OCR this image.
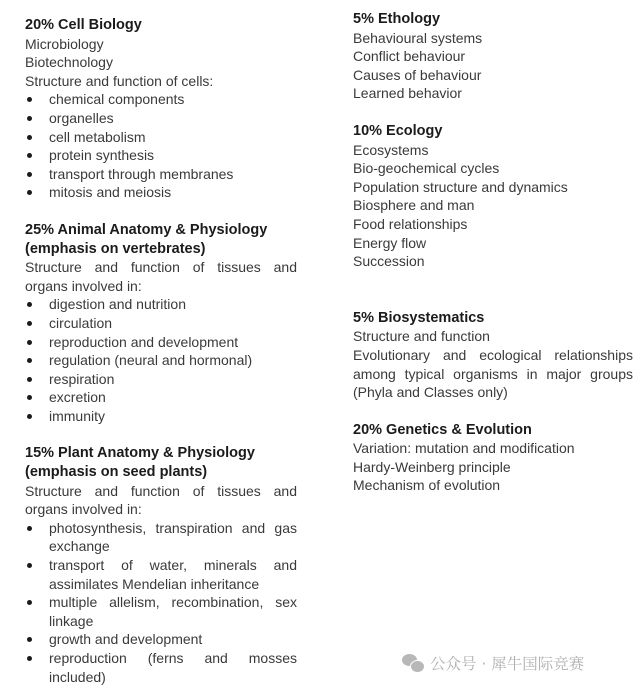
20% Cell Biology

Microbiology

Biotechnology

Structure and function of cells:

chemical components
organelles
cell metabolism
protein synthesis
transport through membranes
mitosis and meiosis

25% Animal Anatomy & Physiology (emphasis on vertebrates)

Structure and function of tissues and organs involved in:

digestion and nutrition
circulation
reproduction and development
regulation (neural and hormonal)
respiration
excretion
immunity

15% Plant Anatomy & Physiology (emphasis on seed plants)

Structure and function of tissues and organs involved in:

photosynthesis, transpiration and gas exchange
transport of water, minerals and assimilates Mendelian inheritance
multiple allelism, recombination, sex linkage
growth and development
reproduction (ferns and mosses included)

5% Ethology

Behavioural systems

Conflict behaviour

Causes of behaviour

Learned behavior

10% Ecology

Ecosystems

Bio-geochemical cycles

Population structure and dynamics

Biosphere and man

Food relationships

Energy flow

Succession

5% Biosystematics

Structure and function

Evolutionary and ecological relationships among typical organisms in major groups (Phyla and Classes only)

20% Genetics & Evolution

Variation: mutation and modification

Hardy-Weinberg principle

Mechanism of evolution

公众号 · 犀牛国际竞赛
